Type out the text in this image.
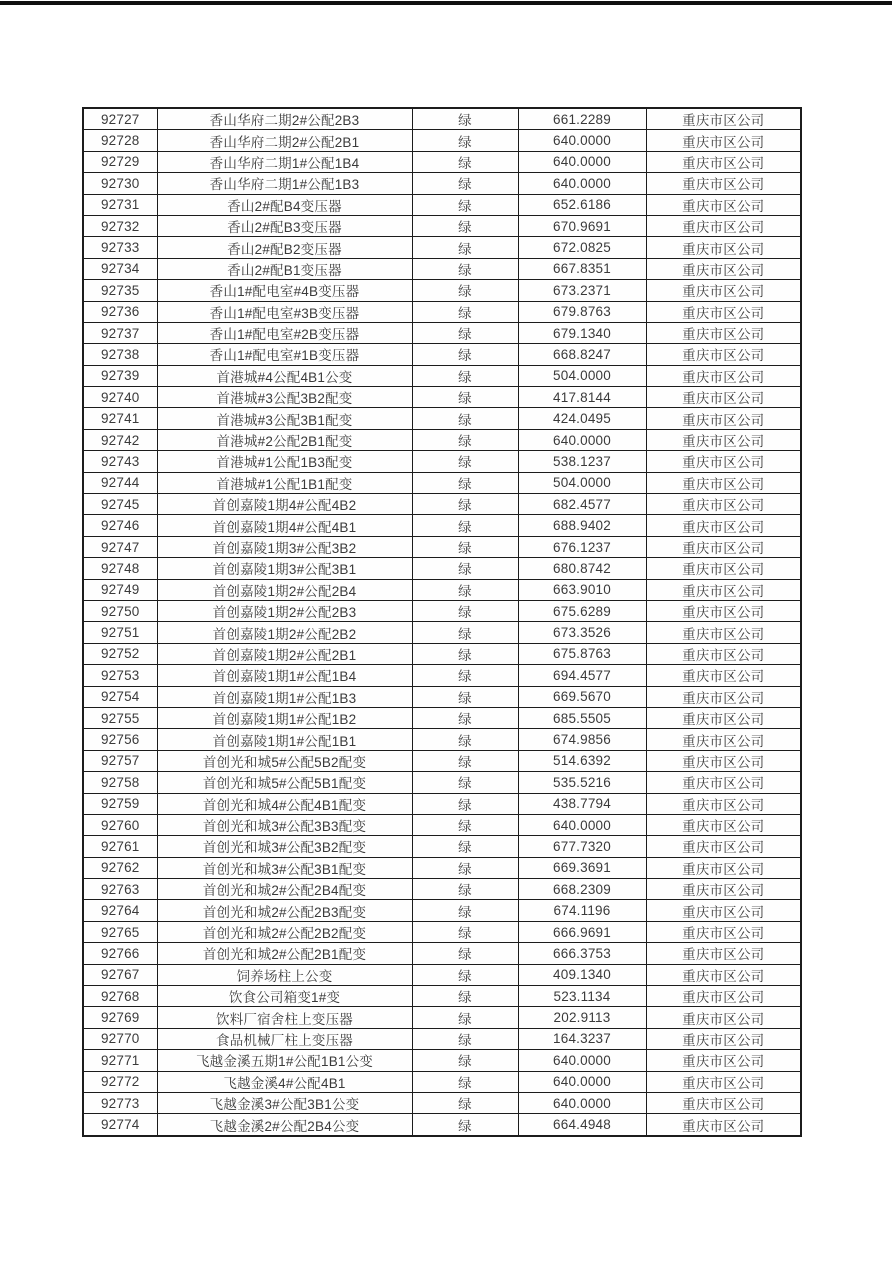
92727	香山华府二期2#公配2B3	绿	661.2289	重庆市区公司
92728	香山华府二期2#公配2B1	绿	640.0000	重庆市区公司
92729	香山华府二期1#公配1B4	绿	640.0000	重庆市区公司
92730	香山华府二期1#公配1B3	绿	640.0000	重庆市区公司
92731	香山2#配B4变压器	绿	652.6186	重庆市区公司
92732	香山2#配B3变压器	绿	670.9691	重庆市区公司
92733	香山2#配B2变压器	绿	672.0825	重庆市区公司
92734	香山2#配B1变压器	绿	667.8351	重庆市区公司
92735	香山1#配电室#4B变压器	绿	673.2371	重庆市区公司
92736	香山1#配电室#3B变压器	绿	679.8763	重庆市区公司
92737	香山1#配电室#2B变压器	绿	679.1340	重庆市区公司
92738	香山1#配电室#1B变压器	绿	668.8247	重庆市区公司
92739	首港城#4公配4B1公变	绿	504.0000	重庆市区公司
92740	首港城#3公配3B2配变	绿	417.8144	重庆市区公司
92741	首港城#3公配3B1配变	绿	424.0495	重庆市区公司
92742	首港城#2公配2B1配变	绿	640.0000	重庆市区公司
92743	首港城#1公配1B3配变	绿	538.1237	重庆市区公司
92744	首港城#1公配1B1配变	绿	504.0000	重庆市区公司
92745	首创嘉陵1期4#公配4B2	绿	682.4577	重庆市区公司
92746	首创嘉陵1期4#公配4B1	绿	688.9402	重庆市区公司
92747	首创嘉陵1期3#公配3B2	绿	676.1237	重庆市区公司
92748	首创嘉陵1期3#公配3B1	绿	680.8742	重庆市区公司
92749	首创嘉陵1期2#公配2B4	绿	663.9010	重庆市区公司
92750	首创嘉陵1期2#公配2B3	绿	675.6289	重庆市区公司
92751	首创嘉陵1期2#公配2B2	绿	673.3526	重庆市区公司
92752	首创嘉陵1期2#公配2B1	绿	675.8763	重庆市区公司
92753	首创嘉陵1期1#公配1B4	绿	694.4577	重庆市区公司
92754	首创嘉陵1期1#公配1B3	绿	669.5670	重庆市区公司
92755	首创嘉陵1期1#公配1B2	绿	685.5505	重庆市区公司
92756	首创嘉陵1期1#公配1B1	绿	674.9856	重庆市区公司
92757	首创光和城5#公配5B2配变	绿	514.6392	重庆市区公司
92758	首创光和城5#公配5B1配变	绿	535.5216	重庆市区公司
92759	首创光和城4#公配4B1配变	绿	438.7794	重庆市区公司
92760	首创光和城3#公配3B3配变	绿	640.0000	重庆市区公司
92761	首创光和城3#公配3B2配变	绿	677.7320	重庆市区公司
92762	首创光和城3#公配3B1配变	绿	669.3691	重庆市区公司
92763	首创光和城2#公配2B4配变	绿	668.2309	重庆市区公司
92764	首创光和城2#公配2B3配变	绿	674.1196	重庆市区公司
92765	首创光和城2#公配2B2配变	绿	666.9691	重庆市区公司
92766	首创光和城2#公配2B1配变	绿	666.3753	重庆市区公司
92767	饲养场柱上公变	绿	409.1340	重庆市区公司
92768	饮食公司箱变1#变	绿	523.1134	重庆市区公司
92769	饮料厂宿舍柱上变压器	绿	202.9113	重庆市区公司
92770	食品机械厂柱上变压器	绿	164.3237	重庆市区公司
92771	飞越金溪五期1#公配1B1公变	绿	640.0000	重庆市区公司
92772	飞越金溪4#公配4B1	绿	640.0000	重庆市区公司
92773	飞越金溪3#公配3B1公变	绿	640.0000	重庆市区公司
92774	飞越金溪2#公配2B4公变	绿	664.4948	重庆市区公司
